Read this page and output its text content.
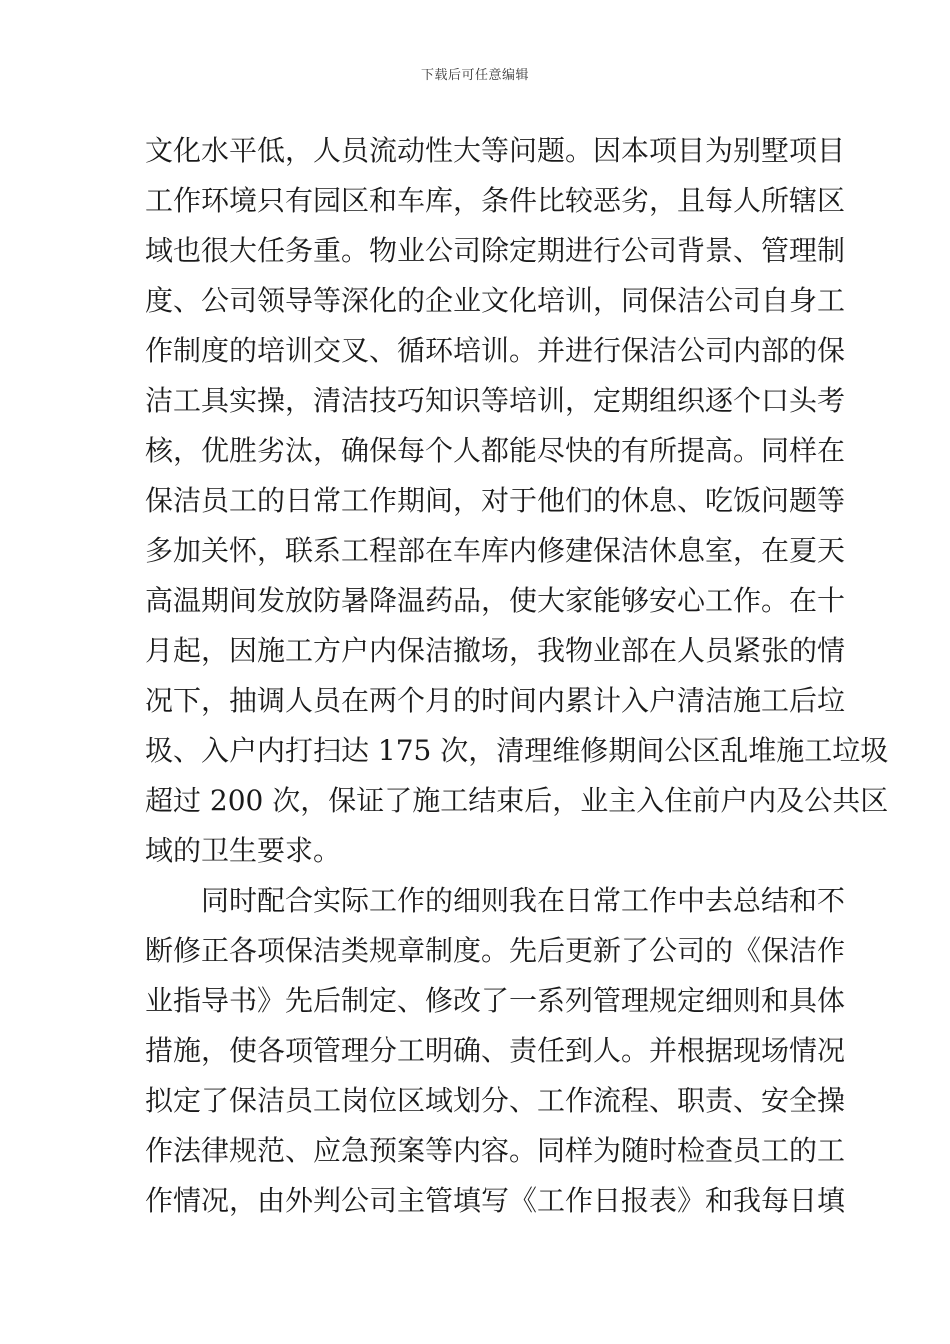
下载后可任意编辑
文化水平低，人员流动性大等问题。因本项目为别墅项目
工作环境只有园区和车库，条件比较恶劣，且每人所辖区
域也很大任务重。物业公司除定期进行公司背景、管理制
度、公司领导等深化的企业文化培训，同保洁公司自身工
作制度的培训交叉、循环培训。并进行保洁公司内部的保
洁工具实操，清洁技巧知识等培训，定期组织逐个口头考
核，优胜劣汰，确保每个人都能尽快的有所提高。同样在
保洁员工的日常工作期间，对于他们的休息、吃饭问题等
多加关怀，联系工程部在车库内修建保洁休息室，在夏天
高温期间发放防暑降温药品，使大家能够安心工作。在十
月起，因施工方户内保洁撤场，我物业部在人员紧张的情
况下，抽调人员在两个月的时间内累计入户清洁施工后垃
圾、入户内打扫达 175 次，清理维修期间公区乱堆施工垃圾
超过 200 次，保证了施工结束后，业主入住前户内及公共区
域的卫生要求。
同时配合实际工作的细则我在日常工作中去总结和不
断修正各项保洁类规章制度。先后更新了公司的《保洁作
业指导书》先后制定、修改了一系列管理规定细则和具体
措施，使各项管理分工明确、责任到人。并根据现场情况
拟定了保洁员工岗位区域划分、工作流程、职责、安全操
作法律规范、应急预案等内容。同样为随时检查员工的工
作情况，由外判公司主管填写《工作日报表》和我每日填
